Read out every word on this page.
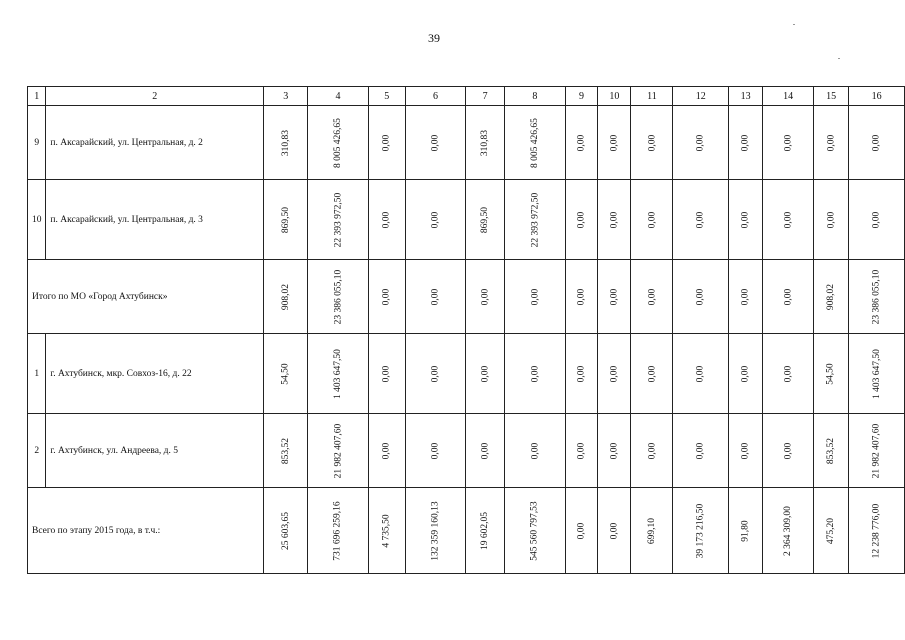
39
1	2	3	4	5	6	7	8	9	10	11	12	13	14	15	16
9	п. Аксарайский, ул. Центральная, д. 2	310,83	8 005 426,65	0,00	0,00	310,83	8 005 426,65	0,00	0,00	0,00	0,00	0,00	0,00	0,00	0,00
10	п. Аксарайский, ул. Центральная, д. 3	869,50	22 393 972,50	0,00	0,00	869,50	22 393 972,50	0,00	0,00	0,00	0,00	0,00	0,00	0,00	0,00
Итого по МО «Город Ахтубинск»		908,02	23 386 055,10	0,00	0,00	0,00	0,00	0,00	0,00	0,00	0,00	0,00	0,00	908,02	23 386 055,10
1	г. Ахтубинск, мкр. Совхоз-16, д. 22	54,50	1 403 647,50	0,00	0,00	0,00	0,00	0,00	0,00	0,00	0,00	0,00	0,00	54,50	1 403 647,50
2	г. Ахтубинск, ул. Андреева, д. 5	853,52	21 982 407,60	0,00	0,00	0,00	0,00	0,00	0,00	0,00	0,00	0,00	0,00	853,52	21 982 407,60
Всего по этапу 2015 года, в т.ч.:		25 603,65	731 696 259,16	4 735,50	132 359 160,13	19 602,05	545 560 797,53	0,00	0,00	699,10	39 173 216,50	91,80	2 364 309,00	475,20	12 238 776,00
